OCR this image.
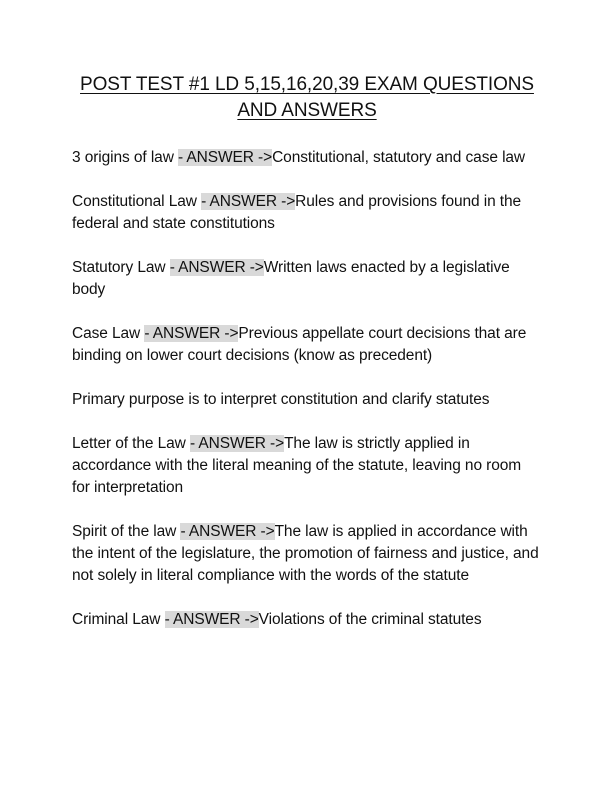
POST TEST #1 LD 5,15,16,20,39 EXAM QUESTIONS AND ANSWERS

3 origins of law - ANSWER ->Constitutional, statutory and case law

Constitutional Law - ANSWER ->Rules and provisions found in the federal and state constitutions

Statutory Law - ANSWER ->Written laws enacted by a legislative body

Case Law - ANSWER ->Previous appellate court decisions that are binding on lower court decisions (know as precedent)

Primary purpose is to interpret constitution and clarify statutes

Letter of the Law - ANSWER ->The law is strictly applied in accordance with the literal meaning of the statute, leaving no room for interpretation

Spirit of the law - ANSWER ->The law is applied in accordance with the intent of the legislature, the promotion of fairness and justice, and not solely in literal compliance with the words of the statute

Criminal Law - ANSWER ->Violations of the criminal statutes
